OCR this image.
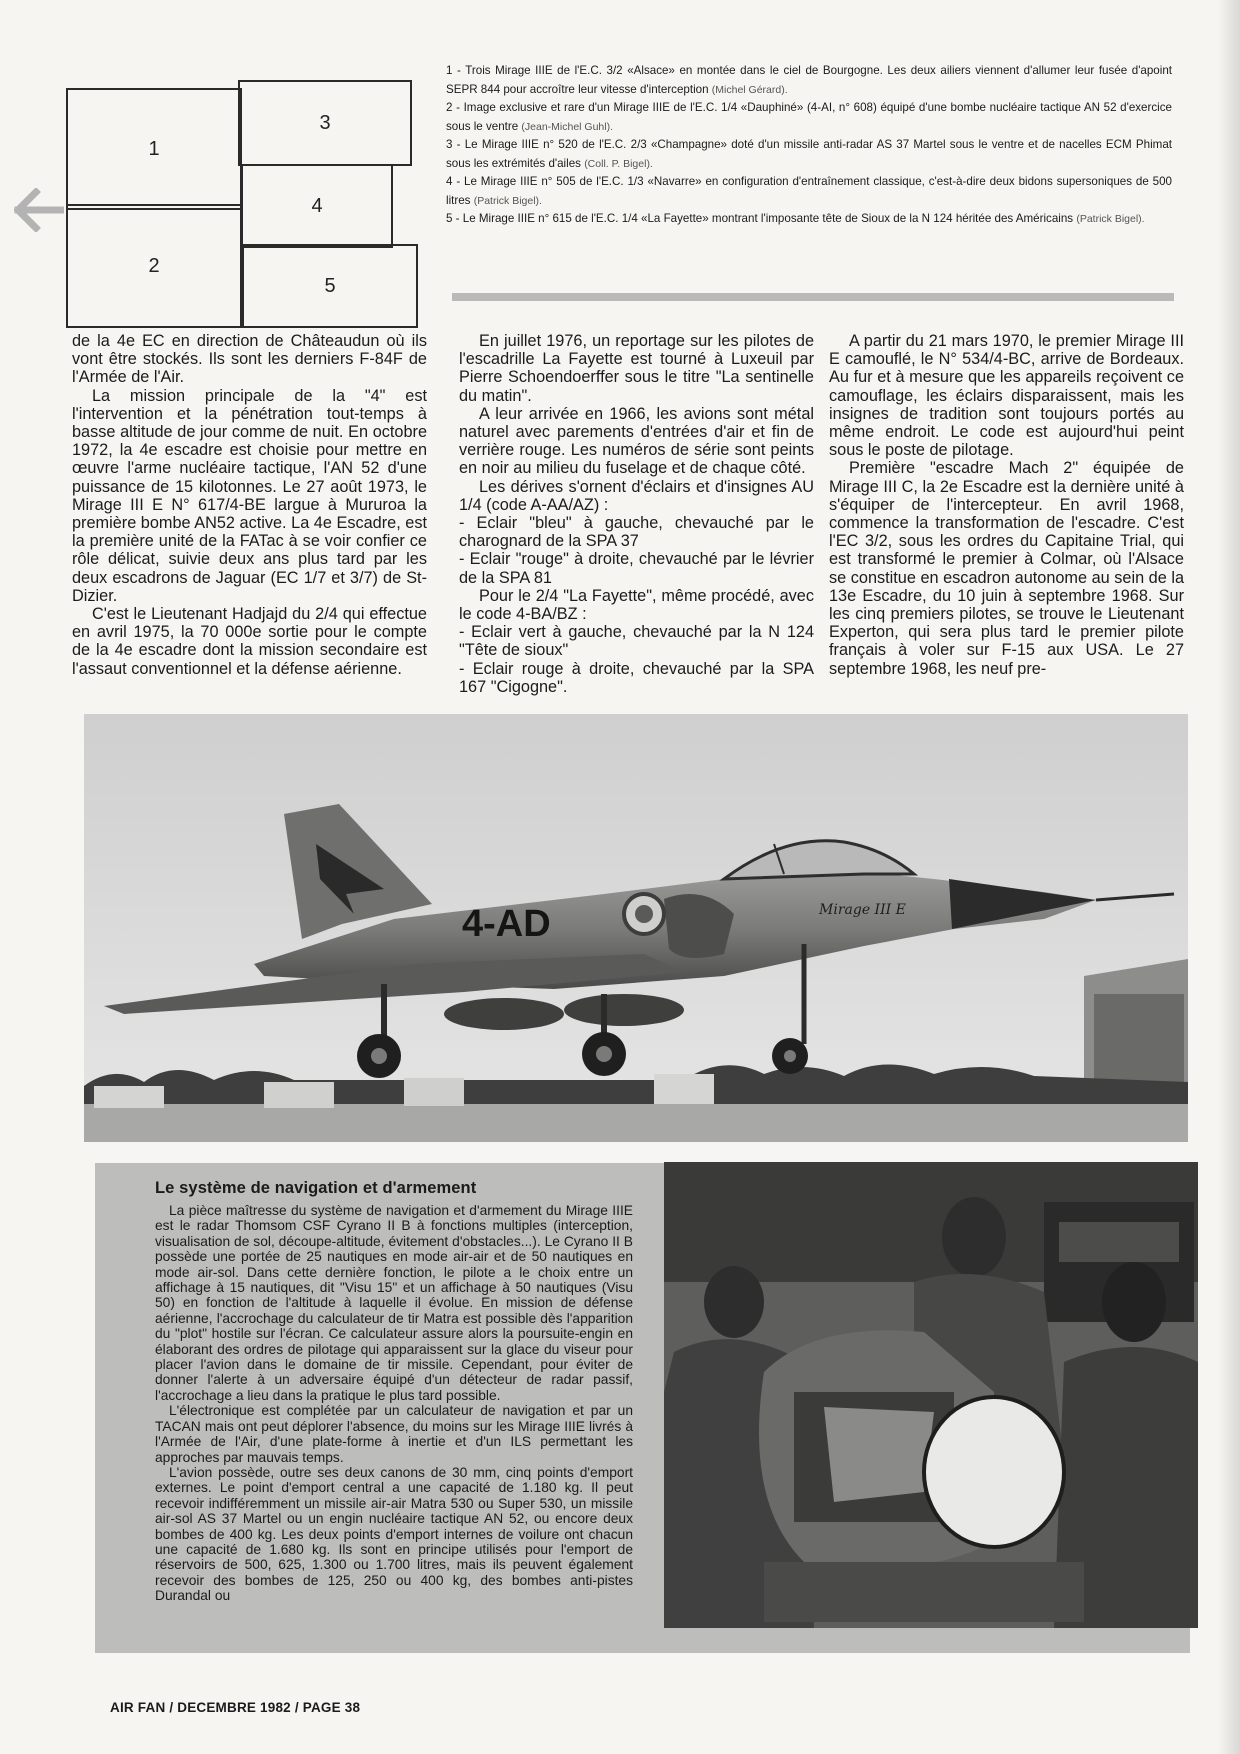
1
2
3
4
5

1 - Trois Mirage IIIE de l'E.C. 3/2 «Alsace» en montée dans le ciel de Bourgogne. Les deux ailiers viennent d'allumer leur fusée d'apoint SEPR 844 pour accroître leur vitesse d'interception (Michel Gérard).

2 - Image exclusive et rare d'un Mirage IIIE de l'E.C. 1/4 «Dauphiné» (4-AI, n° 608) équipé d'une bombe nucléaire tactique AN 52 d'exercice sous le ventre (Jean-Michel Guhl).

3 - Le Mirage IIIE n° 520 de l'E.C. 2/3 «Champagne» doté d'un missile anti-radar AS 37 Martel sous le ventre et de nacelles ECM Phimat sous les extrémités d'ailes (Coll. P. Bigel).

4 - Le Mirage IIIE n° 505 de l'E.C. 1/3 «Navarre» en configuration d'entraînement classique, c'est-à-dire deux bidons supersoniques de 500 litres (Patrick Bigel).

5 - Le Mirage IIIE n° 615 de l'E.C. 1/4 «La Fayette» montrant l'imposante tête de Sioux de la N 124 héritée des Américains (Patrick Bigel).

de la 4e EC en direction de Châteaudun où ils vont être stockés. Ils sont les derniers F-84F de l'Armée de l'Air.

La mission principale de la "4" est l'intervention et la pénétration tout-temps à basse altitude de jour comme de nuit. En octobre 1972, la 4e escadre est choisie pour mettre en œuvre l'arme nucléaire tactique, l'AN 52 d'une puissance de 15 kilotonnes. Le 27 août 1973, le Mirage III E N° 617/4-BE largue à Mururoa la première bombe AN52 active. La 4e Escadre, est la première unité de la FATac à se voir confier ce rôle délicat, suivie deux ans plus tard par les deux escadrons de Jaguar (EC 1/7 et 3/7) de St-Dizier.

C'est le Lieutenant Hadjajd du 2/4 qui effectue en avril 1975, la 70 000e sortie pour le compte de la 4e escadre dont la mission secondaire est l'assaut conventionnel et la défense aérienne.

En juillet 1976, un reportage sur les pilotes de l'escadrille La Fayette est tourné à Luxeuil par Pierre Schoendoerffer sous le titre "La sentinelle du matin".

A leur arrivée en 1966, les avions sont métal naturel avec parements d'entrées d'air et fin de verrière rouge. Les numéros de série sont peints en noir au milieu du fuselage et de chaque côté.

Les dérives s'ornent d'éclairs et d'insignes AU 1/4 (code A-AA/AZ) :

- Eclair "bleu" à gauche, chevauché par le charognard de la SPA 37

- Eclair "rouge" à droite, chevauché par le lévrier de la SPA 81

Pour le 2/4 "La Fayette", même procédé, avec le code 4-BA/BZ :

- Eclair vert à gauche, chevauché par la N 124 "Tête de sioux"

- Eclair rouge à droite, chevauché par la SPA 167 "Cigogne".

A partir du 21 mars 1970, le premier Mirage III E camouflé, le N° 534/4-BC, arrive de Bordeaux. Au fur et à mesure que les appareils reçoivent ce camouflage, les éclairs disparaissent, mais les insignes de tradition sont toujours portés au même endroit. Le code est aujourd'hui peint sous le poste de pilotage.

Première "escadre Mach 2" équipée de Mirage III C, la 2e Escadre est la dernière unité à s'équiper de l'intercepteur. En avril 1968, commence la transformation de l'escadre. C'est l'EC 3/2, sous les ordres du Capitaine Trial, qui est transformé le premier à Colmar, où l'Alsace se constitue en escadron autonome au sein de la 13e Escadre, du 10 juin à septembre 1968. Sur les cinq premiers pilotes, se trouve le Lieutenant Experton, qui sera plus tard le premier pilote français à voler sur F-15 aux USA. Le 27 septembre 1968, les neuf pre-

4-AD	Mirage III E
Le système de navigation et d'armement

La pièce maîtresse du système de navigation et d'armement du Mirage IIIE est le radar Thomsom CSF Cyrano II B à fonctions multiples (interception, visualisation de sol, découpe-altitude, évitement d'obstacles...). Le Cyrano II B possède une portée de 25 nautiques en mode air-air et de 50 nautiques en mode air-sol. Dans cette dernière fonction, le pilote a le choix entre un affichage à 15 nautiques, dit "Visu 15" et un affichage à 50 nautiques (Visu 50) en fonction de l'altitude à laquelle il évolue. En mission de défense aérienne, l'accrochage du calculateur de tir Matra est possible dès l'apparition du "plot" hostile sur l'écran. Ce calculateur assure alors la poursuite-engin en élaborant des ordres de pilotage qui apparaissent sur la glace du viseur pour placer l'avion dans le domaine de tir missile. Cependant, pour éviter de donner l'alerte à un adversaire équipé d'un détecteur de radar passif, l'accrochage a lieu dans la pratique le plus tard possible.

L'électronique est complétée par un calculateur de navigation et par un TACAN mais ont peut déplorer l'absence, du moins sur les Mirage IIIE livrés à l'Armée de l'Air, d'une plate-forme à inertie et d'un ILS permettant les approches par mauvais temps.

L'avion possède, outre ses deux canons de 30 mm, cinq points d'emport externes. Le point d'emport central a une capacité de 1.180 kg. Il peut recevoir indifféremment un missile air-air Matra 530 ou Super 530, un missile air-sol AS 37 Martel ou un engin nucléaire tactique AN 52, ou encore deux bombes de 400 kg. Les deux points d'emport internes de voilure ont chacun une capacité de 1.680 kg. Ils sont en principe utilisés pour l'emport de réservoirs de 500, 625, 1.300 ou 1.700 litres, mais ils peuvent également recevoir des bombes de 125, 250 ou 400 kg, des bombes anti-pistes Durandal ou

AIR FAN / DECEMBRE 1982 / PAGE 38
